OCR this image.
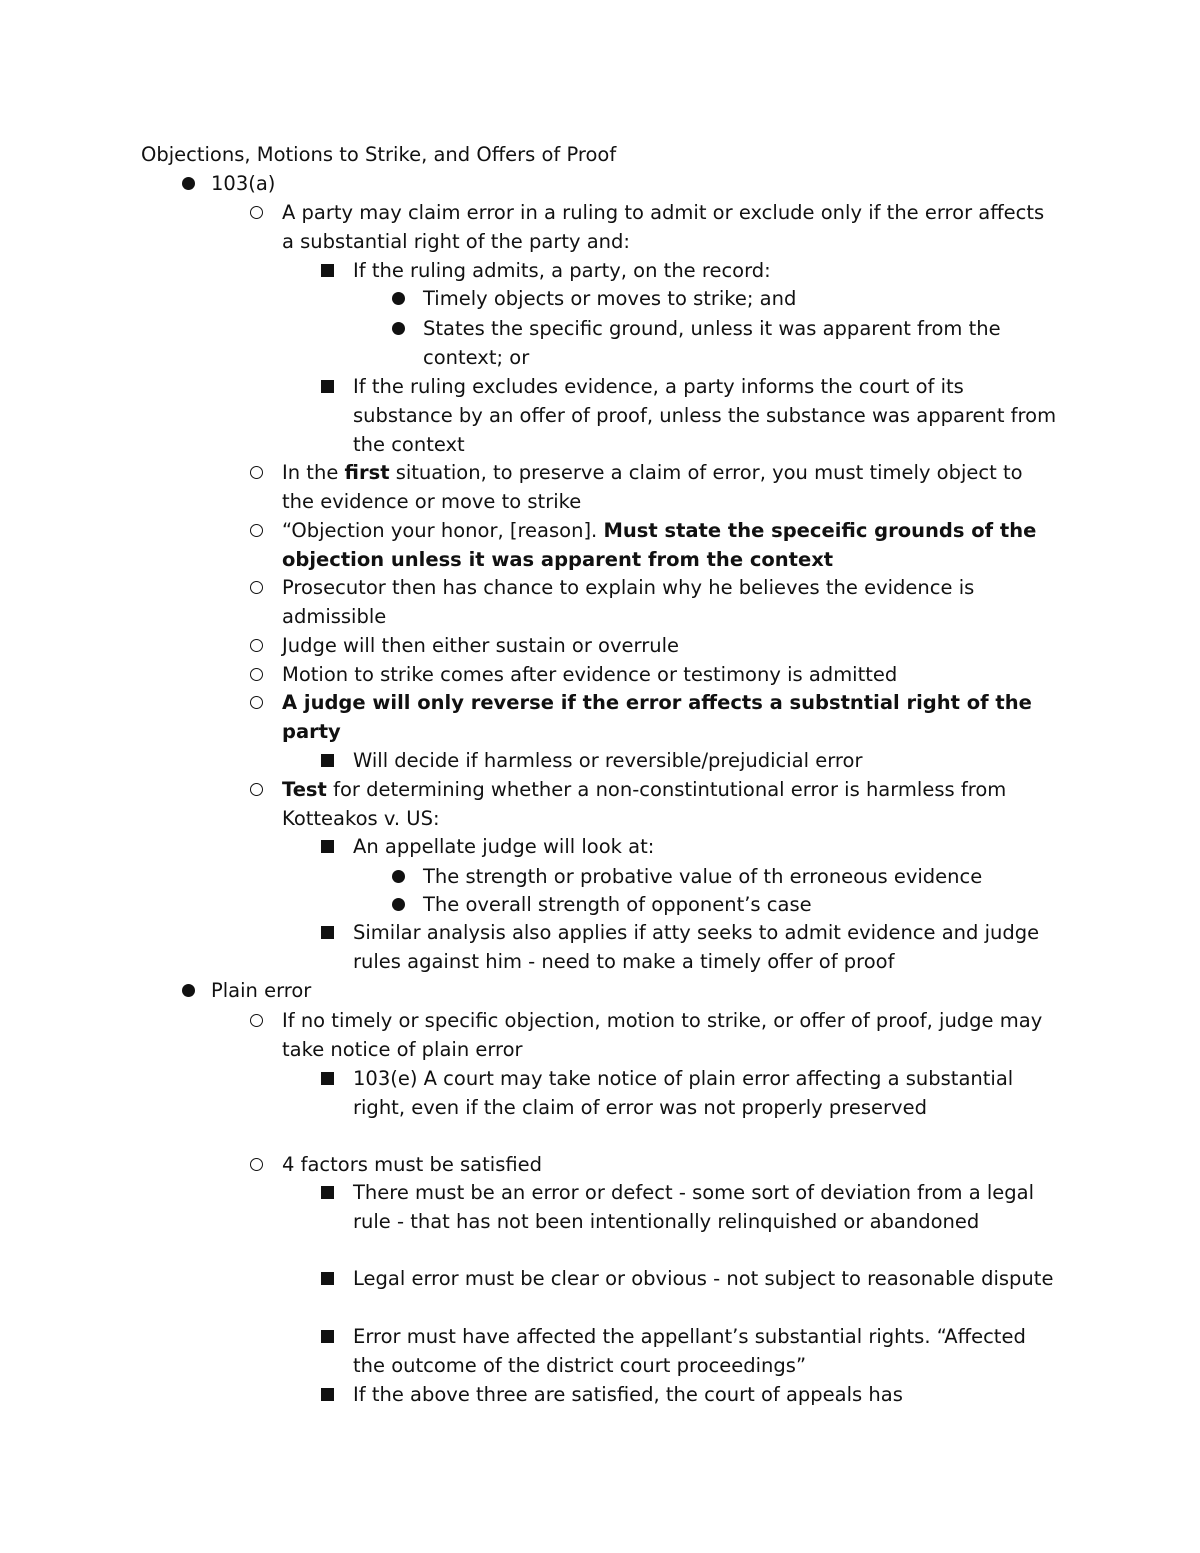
Objections, Motions to Strike, and Offers of Proof
103(a)
A party may claim error in a ruling to admit or exclude only if the error affects a substantial right of the party and:
If the ruling admits, a party, on the record:
Timely objects or moves to strike; and
States the specific ground, unless it was apparent from the context; or
If the ruling excludes evidence, a party informs the court of its substance by an offer of proof, unless the substance was apparent from the context
In the first situation, to preserve a claim of error, you must timely object to the evidence or move to strike
“Objection your honor, [reason]. Must state the speceific grounds of the objection unless it was apparent from the context
Prosecutor then has chance to explain why he believes the evidence is admissible
Judge will then either sustain or overrule
Motion to strike comes after evidence or testimony is admitted
A judge will only reverse if the error affects a substntial right of the party
Will decide if harmless or reversible/prejudicial error
Test for determining whether a non-constintutional error is harmless from Kotteakos v. US:
An appellate judge will look at:
The strength or probative value of th erroneous evidence
The overall strength of opponent’s case
Similar analysis also applies if atty seeks to admit evidence and judge rules against him - need to make a timely offer of proof
Plain error
If no timely or specific objection, motion to strike, or offer of proof, judge may take notice of plain error
103(e) A court may take notice of plain error affecting a substantial right, even if the claim of error was not properly preserved
4 factors must be satisfied
There must be an error or defect - some sort of deviation from a legal rule - that has not been intentionally relinquished or abandoned
Legal error must be clear or obvious - not subject to reasonable dispute
Error must have affected the appellant’s substantial rights. “Affected the outcome of the district court proceedings”
If the above three are satisfied, the court of appeals has
